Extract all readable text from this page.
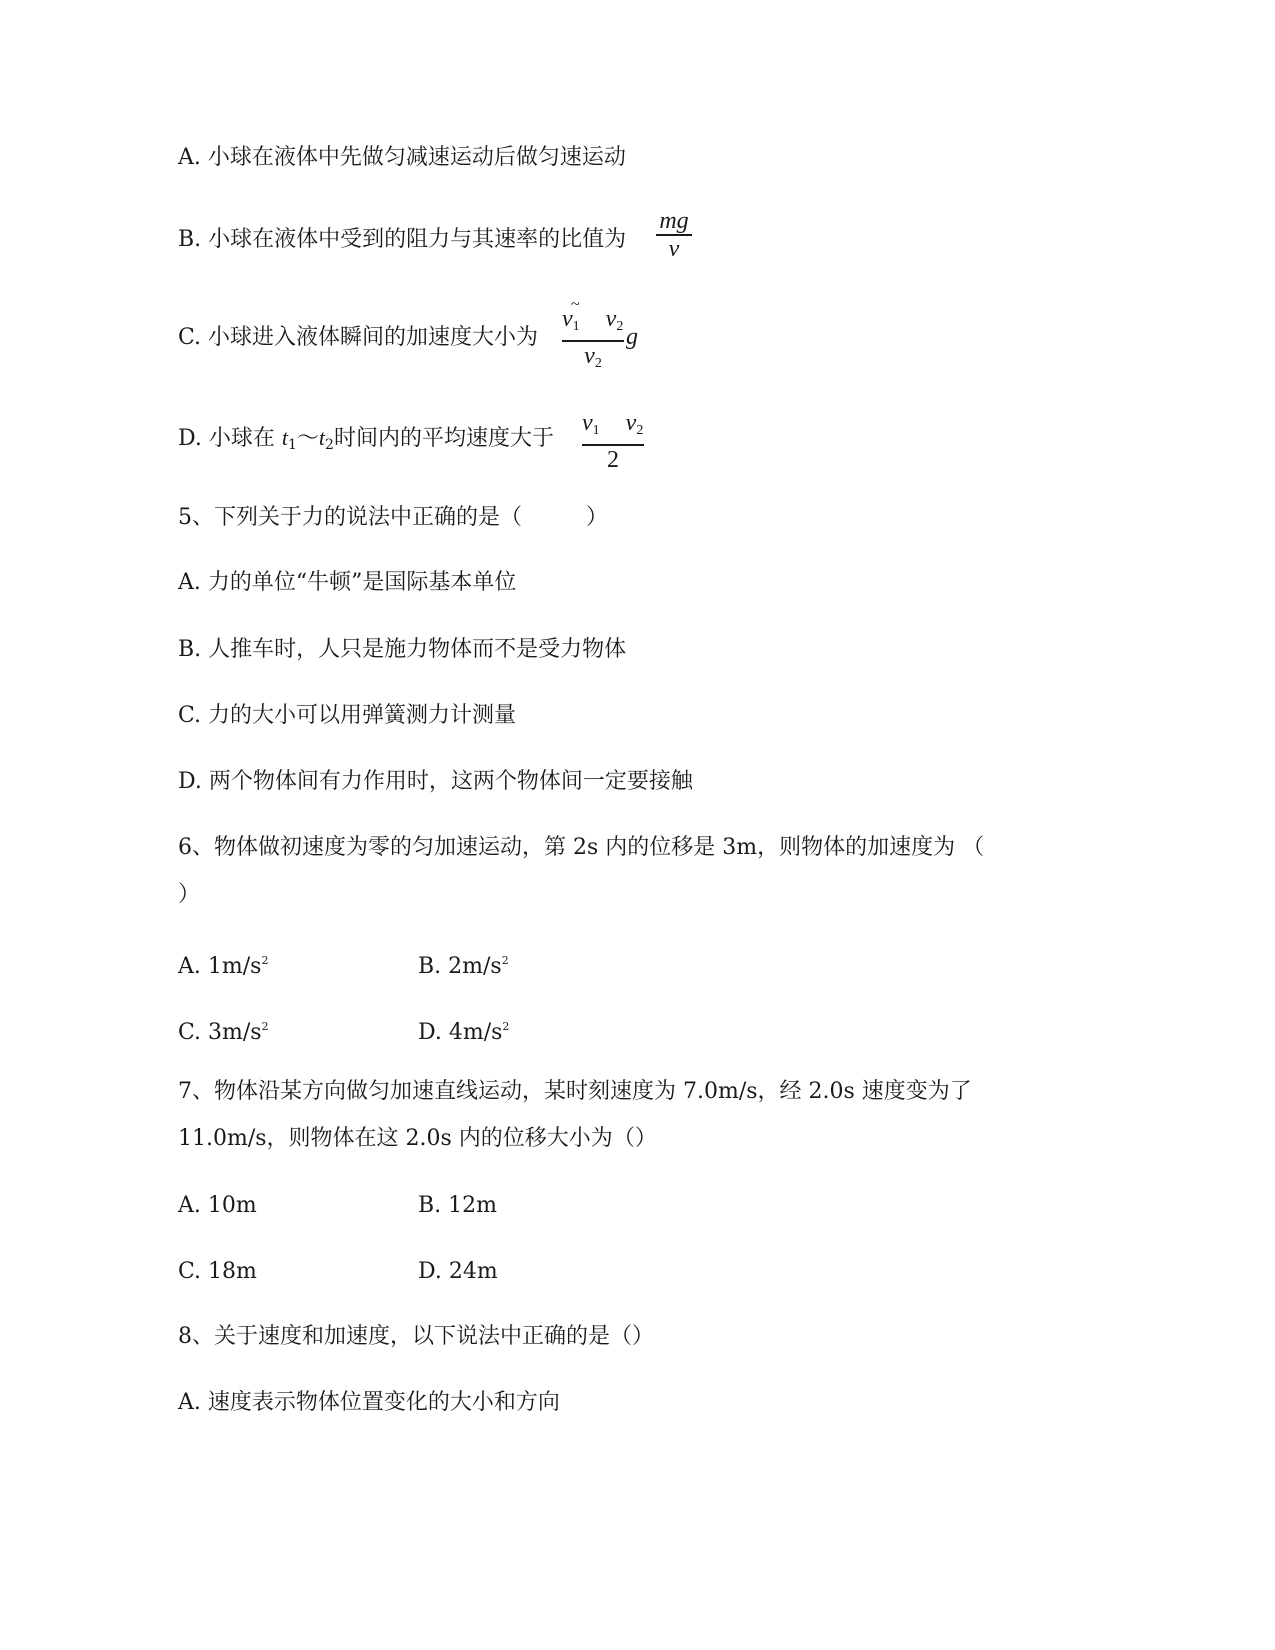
A. 小球在液体中先做匀减速运动后做匀速运动
B. 小球在液体中受到的阻力与其速率的比值为
mg
v
C. 小球进入液体瞬间的加速度大小为
~
$v_1$ $v_2$
$v_2$
g
D. 小球在 $t_1\sim t_2$时间内的平均速度大于
$v_1$ $v_2$
2
5、下列关于力的说法中正确的是（	）
A. 力的单位“牛顿”是国际基本单位
B. 人推车时，人只是施力物体而不是受力物体
C. 力的大小可以用弹簧测力计测量
D. 两个物体间有力作用时，这两个物体间一定要接触
6、物体做初速度为零的匀加速运动，第 2s 内的位移是 3m，则物体的加速度为 （
）
A. $1m/s^2$	B. $2m/s^2$
C. $3m/s^2$	D. $4m/s^2$
7、物体沿某方向做匀加速直线运动，某时刻速度为 7.0m/s，经 2.0s 速度变为了
11.0m/s，则物体在这 2.0s 内的位移大小为（）
A. 10m	B. 12m
C. 18m	D. 24m
8、关于速度和加速度，以下说法中正确的是（）
A. 速度表示物体位置变化的大小和方向
